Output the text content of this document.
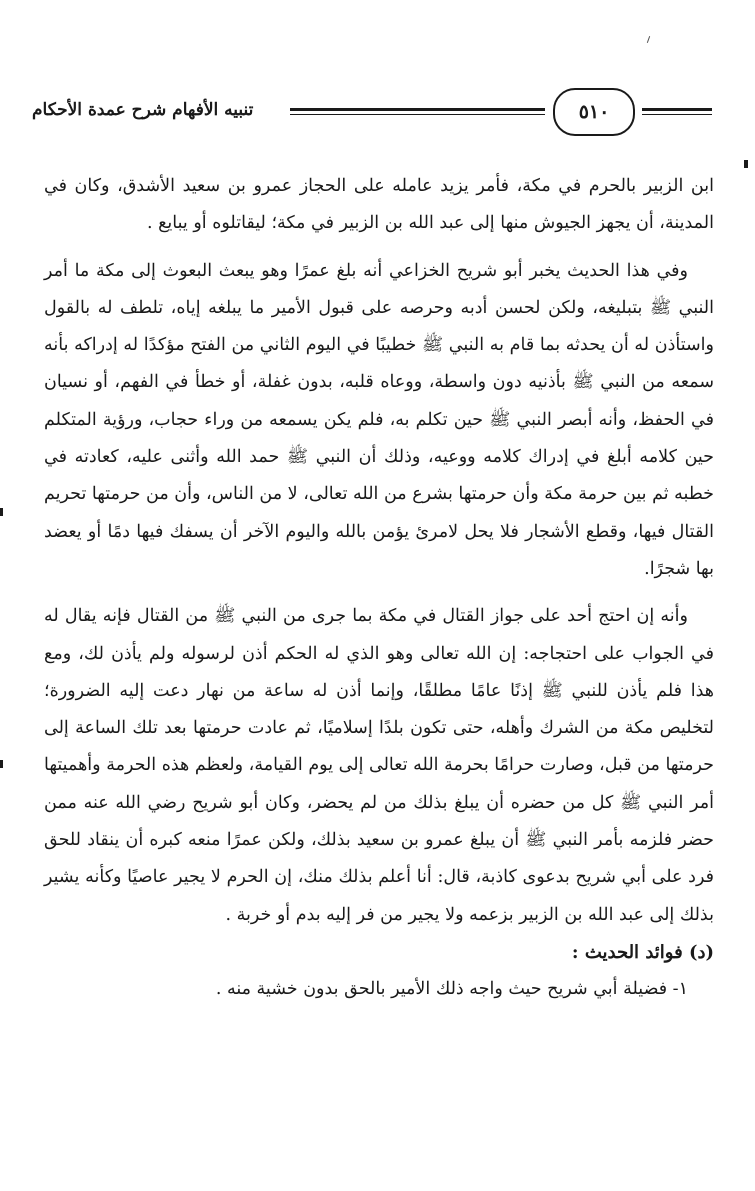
تنبيه الأفهام شرح عمدة الأحكام	٥١٠

ابن الزبير بالحرم في مكة، فأمر يزيد عامله على الحجاز عمرو بن سعيد الأشدق، وكان في المدينة، أن يجهز الجيوش منها إلى عبد الله بن الزبير في مكة؛ ليقاتلوه أو يبايع .

وفي هذا الحديث يخبر أبو شريح الخزاعي أنه بلغ عمرًا وهو يبعث البعوث إلى مكة ما أمر النبي ﷺ بتبليغه، ولكن لحسن أدبه وحرصه على قبول الأمير ما يبلغه إياه، تلطف له بالقول واستأذن له أن يحدثه بما قام به النبي ﷺ خطيبًا في اليوم الثاني من الفتح مؤكدًا له إدراكه بأنه سمعه من النبي ﷺ بأذنيه دون واسطة، ووعاه قلبه، بدون غفلة، أو خطأ في الفهم، أو نسيان في الحفظ، وأنه أبصر النبي ﷺ حين تكلم به، فلم يكن يسمعه من وراء حجاب، ورؤية المتكلم حين كلامه أبلغ في إدراك كلامه ووعيه، وذلك أن النبي ﷺ حمد الله وأثنى عليه، كعادته في خطبه ثم بين حرمة مكة وأن حرمتها بشرع من الله تعالى، لا من الناس، وأن من حرمتها تحريم القتال فيها، وقطع الأشجار فلا يحل لامرئ يؤمن بالله واليوم الآخر أن يسفك فيها دمًا أو يعضد بها شجرًا.

وأنه إن احتج أحد على جواز القتال في مكة بما جرى من النبي ﷺ من القتال فإنه يقال له في الجواب على احتجاجه: إن الله تعالى وهو الذي له الحكم أذن لرسوله ولم يأذن لك، ومع هذا فلم يأذن للنبي ﷺ إذنًا عامًا مطلقًا، وإنما أذن له ساعة من نهار دعت إليه الضرورة؛ لتخليص مكة من الشرك وأهله، حتى تكون بلدًا إسلاميًا، ثم عادت حرمتها بعد تلك الساعة إلى حرمتها من قبل، وصارت حرامًا بحرمة الله تعالى إلى يوم القيامة، ولعظم هذه الحرمة وأهميتها أمر النبي ﷺ كل من حضره أن يبلغ بذلك من لم يحضر، وكان أبو شريح رضي الله عنه ممن حضر فلزمه بأمر النبي ﷺ أن يبلغ عمرو بن سعيد بذلك، ولكن عمرًا منعه كبره أن ينقاد للحق فرد على أبي شريح بدعوى كاذبة، قال: أنا أعلم بذلك منك، إن الحرم لا يجير عاصيًا وكأنه يشير بذلك إلى عبد الله بن الزبير بزعمه ولا يجير من فر إليه بدم أو خربة .

(د) فوائد الحديث :

١- فضيلة أبي شريح حيث واجه ذلك الأمير بالحق بدون خشية منه .
